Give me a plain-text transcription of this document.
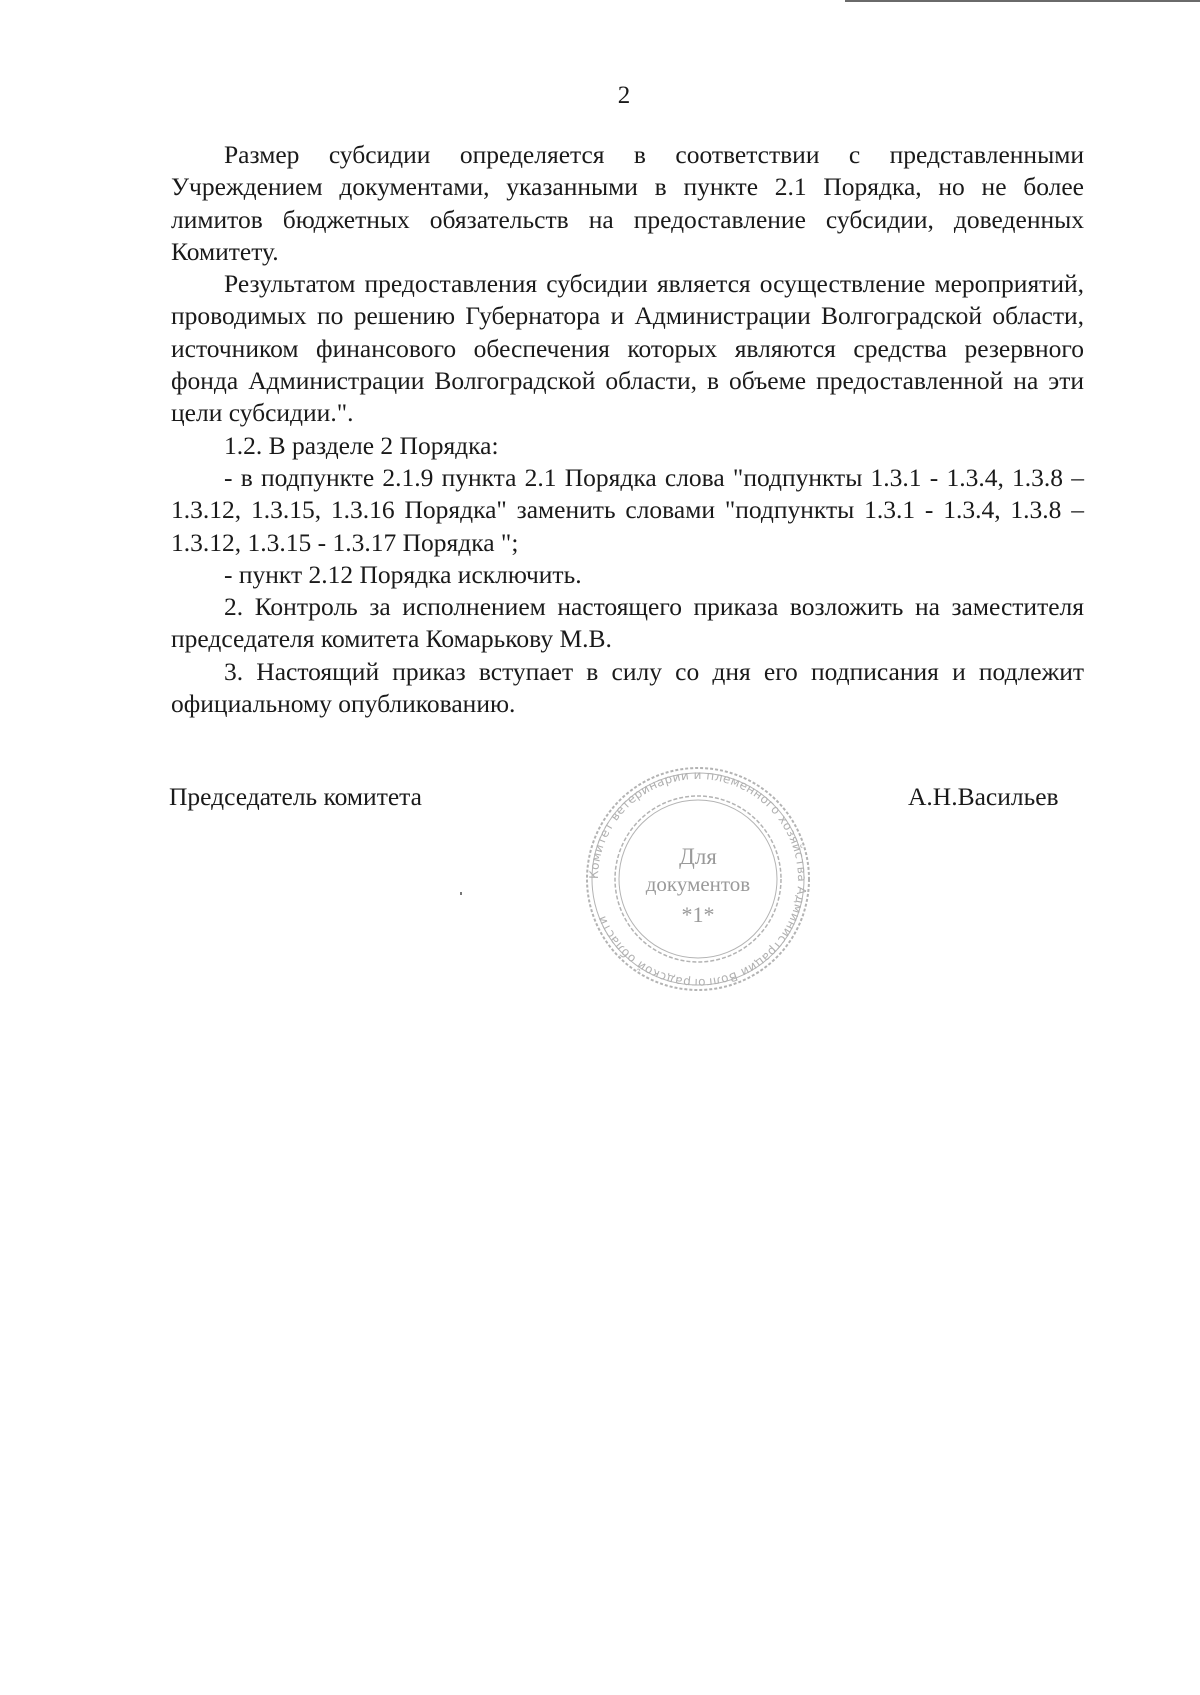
2

Размер субсидии определяется в соответствии с представленными Учреждением документами, указанными в пункте 2.1 Порядка, но не более лимитов бюджетных обязательств на предоставление субсидии, доведенных Комитету.

Результатом предоставления субсидии является осуществление мероприятий, проводимых по решению Губернатора и Администрации Волгоградской области, источником финансового обеспечения которых являются средства резервного фонда Администрации Волгоградской области, в объеме предоставленной на эти цели субсидии.".

1.2. В разделе 2 Порядка:

- в подпункте 2.1.9 пункта 2.1 Порядка слова "подпункты 1.3.1 - 1.3.4, 1.3.8 – 1.3.12, 1.3.15, 1.3.16 Порядка" заменить словами "подпункты 1.3.1 - 1.3.4, 1.3.8 – 1.3.12, 1.3.15 - 1.3.17 Порядка ";

- пункт 2.12 Порядка исключить.

2. Контроль за исполнением настоящего приказа возложить на заместителя председателя комитета Комарькову М.В.

3. Настоящий приказ вступает в силу со дня его подписания и подлежит официальному опубликованию.

Председатель комитета	А.Н.Васильев
Комитет ветеринарии и племенного хозяйства Администрации Волгоградской области
Для
документов
*1*
